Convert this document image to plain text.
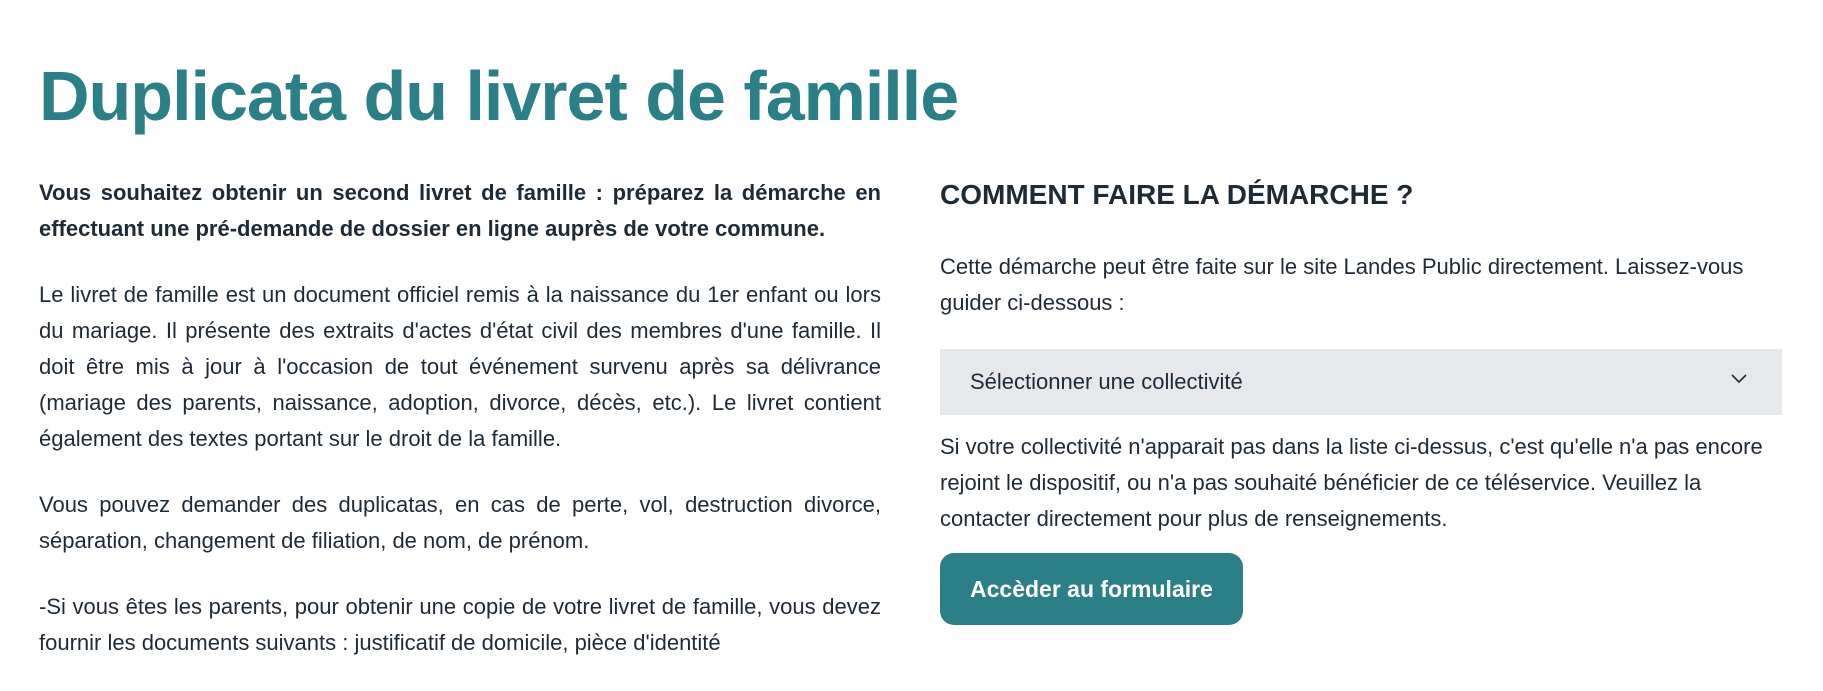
Duplicata du livret de famille

Vous souhaitez obtenir un second livret de famille : préparez la démarche en effectuant une pré-demande de dossier en ligne auprès de votre commune.

Le livret de famille est un document officiel remis à la naissance du 1er enfant ou lors du mariage. Il présente des extraits d'actes d'état civil des membres d'une famille. Il doit être mis à jour à l'occasion de tout événement survenu après sa délivrance (mariage des parents, naissance, adoption, divorce, décès, etc.). Le livret contient également des textes portant sur le droit de la famille.

Vous pouvez demander des duplicatas, en cas de perte, vol, destruction divorce, séparation, changement de filiation, de nom, de prénom.

-Si vous êtes les parents, pour obtenir une copie de votre livret de famille, vous devez fournir les documents suivants : justificatif de domicile, pièce d'identité

COMMENT FAIRE LA DÉMARCHE ?

Cette démarche peut être faite sur le site Landes Public directement. Laissez-vous guider ci-dessous :

Sélectionner une collectivité

Si votre collectivité n'apparait pas dans la liste ci-dessus, c'est qu'elle n'a pas encore rejoint le dispositif, ou n'a pas souhaité bénéficier de ce téléservice. Veuillez la contacter directement pour plus de renseignements.

Accèder au formulaire
